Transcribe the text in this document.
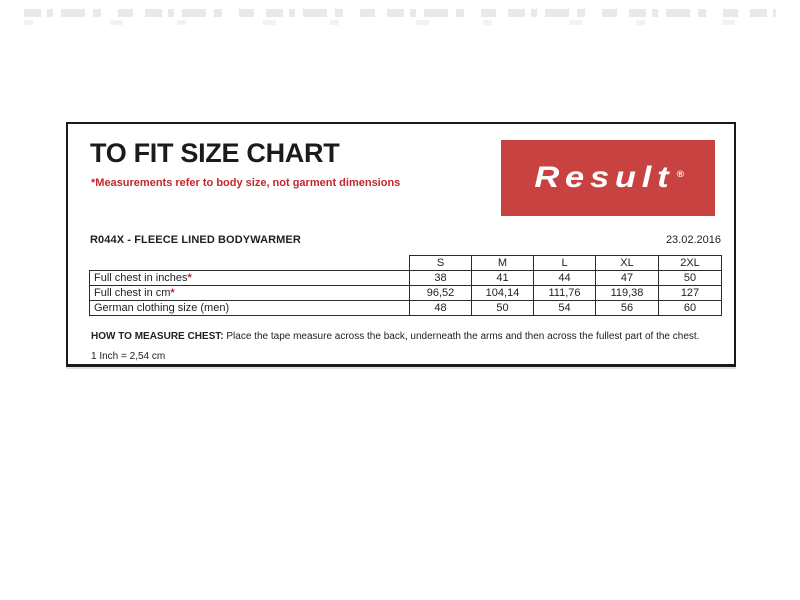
TO FIT SIZE CHART
*Measurements refer to body size, not garment dimensions	Result ®
R044X - FLEECE LINED BODYWARMER	23.02.2016
	S	M	L	XL	2XL
Full chest in inches*	38	41	44	47	50
Full chest in cm*	96,52	104,14	111,76	119,38	127
German clothing size (men)	48	50	54	56	60
HOW TO MEASURE CHEST: Place the tape measure across the back, underneath the arms and then across the fullest part of the chest.
1 Inch = 2,54 cm
